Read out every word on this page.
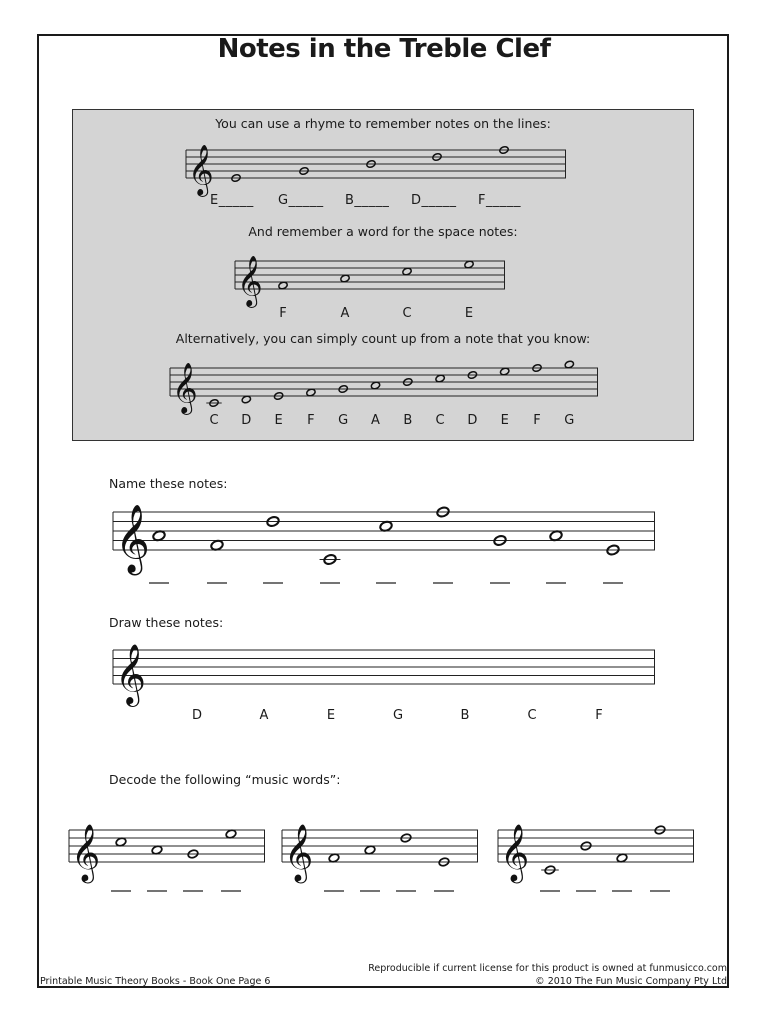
Notes in the Treble Clef
You can use a rhyme to remember notes on the lines:
𝄞
E_____ G_____ B_____ D_____ F_____
And remember a word for the space notes:
𝄞
F	A	C	E
Alternatively, you can simply count up from a note that you know:
𝄞
C	D	E	F	G	A	B	C	D	E	F	G
Name these notes:
𝄞
Draw these notes:
𝄞
D	A	E	G	B	C	F
Decode the following “music words”:
𝄞	𝄞	𝄞
Reproducible if current license for this product is owned at funmusicco.com
Printable Music Theory Books - Book One Page 6	© 2010 The Fun Music Company Pty Ltd
